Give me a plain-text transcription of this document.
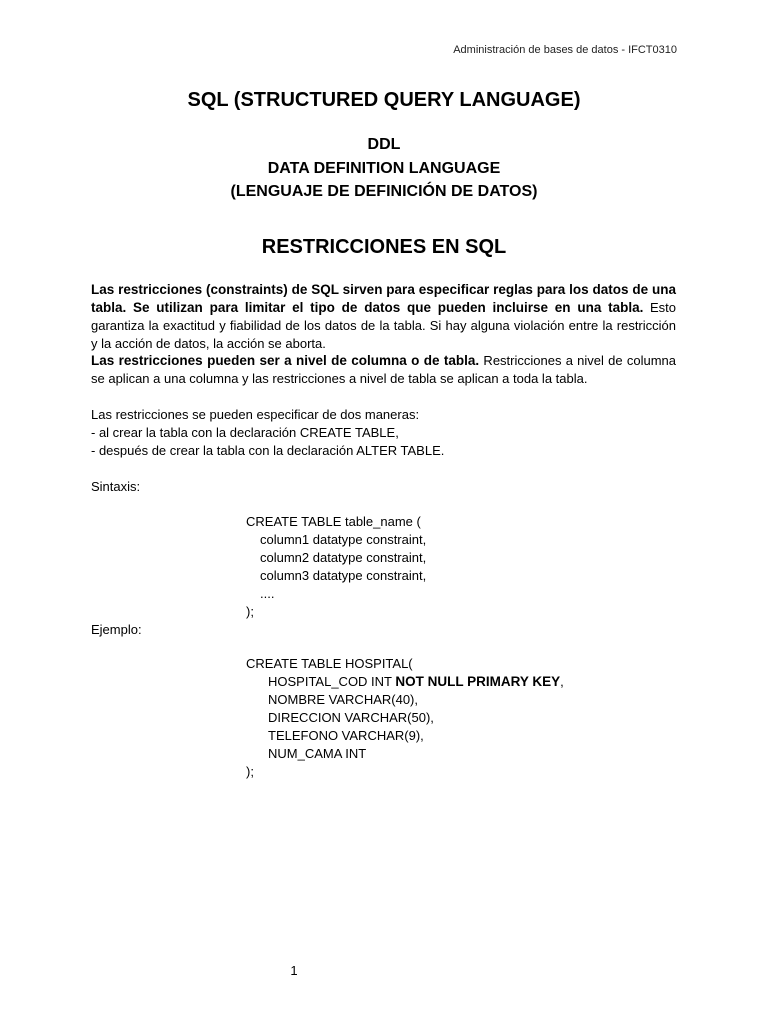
Administración de bases de datos - IFCT0310
SQL (STRUCTURED QUERY LANGUAGE)
DDL
DATA DEFINITION LANGUAGE
(LENGUAJE DE DEFINICIÓN DE DATOS)
RESTRICCIONES EN SQL
Las restricciones (constraints) de SQL sirven para especificar reglas para los datos de una tabla. Se utilizan para limitar el tipo de datos que pueden incluirse en una tabla. Esto garantiza la exactitud y fiabilidad de los datos de la tabla. Si hay alguna violación entre la restricción y la acción de datos, la acción se aborta.
Las restricciones pueden ser a nivel de columna o de tabla. Restricciones a nivel de columna se aplican a una columna y las restricciones a nivel de tabla se aplican a toda la tabla.
Las restricciones se pueden especificar de dos maneras:
- al crear la tabla con la declaración CREATE TABLE,
- después de crear la tabla con la declaración ALTER TABLE.
Sintaxis:
CREATE TABLE table_name (
column1 datatype constraint,
column2 datatype constraint,
column3 datatype constraint,
....
);
Ejemplo:
CREATE TABLE HOSPITAL(
HOSPITAL_COD INT NOT NULL PRIMARY KEY,
NOMBRE VARCHAR(40),
DIRECCION VARCHAR(50),
TELEFONO VARCHAR(9),
NUM_CAMA INT
);
1
